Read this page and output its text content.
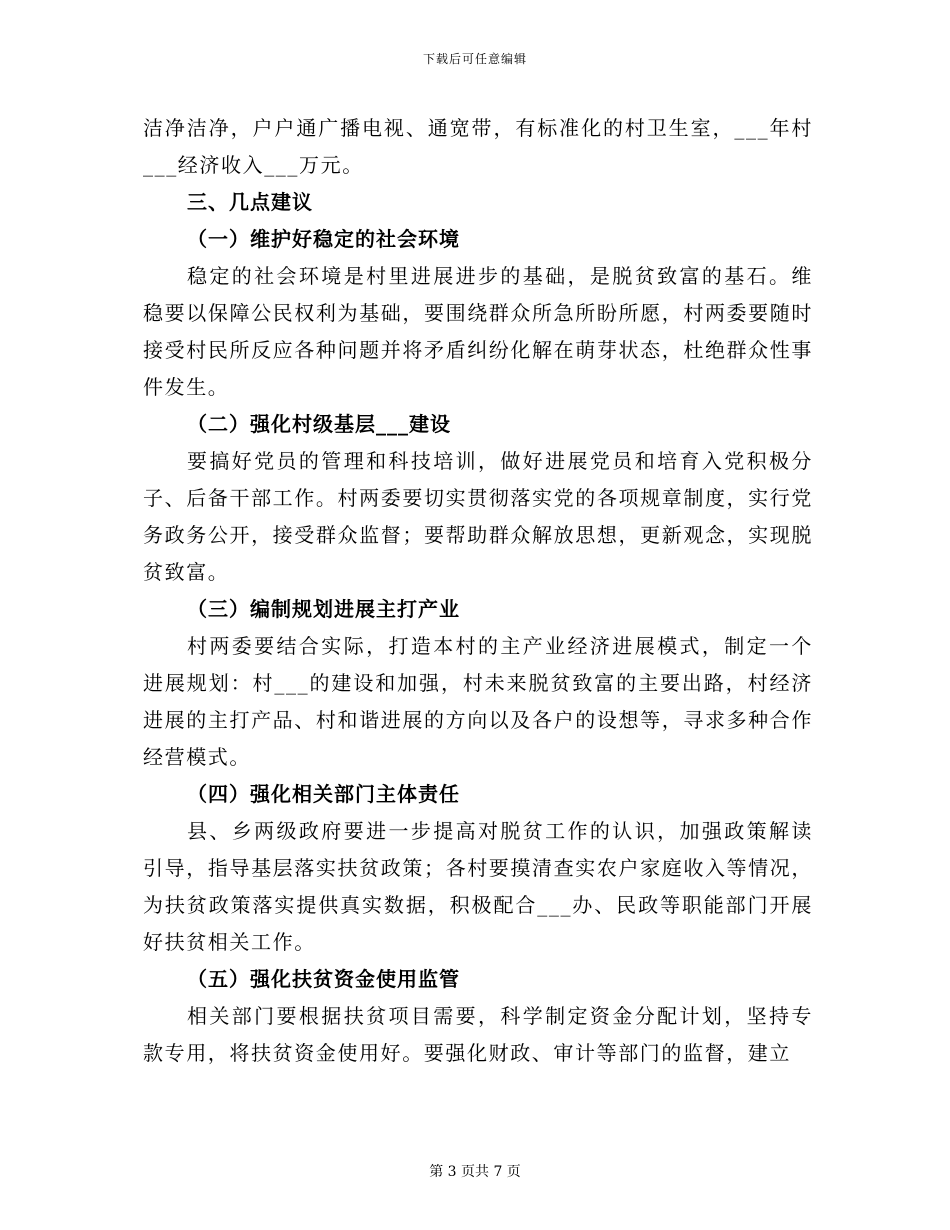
下载后可任意编辑

洁净洁净，户户通广播电视、通宽带，有标准化的村卫生室，___年村___经济收入___万元。

三、几点建议

（一）维护好稳定的社会环境

稳定的社会环境是村里进展进步的基础，是脱贫致富的基石。维稳要以保障公民权利为基础，要围绕群众所急所盼所愿，村两委要随时接受村民所反应各种问题并将矛盾纠纷化解在萌芽状态，杜绝群众性事件发生。

（二）强化村级基层___建设

要搞好党员的管理和科技培训，做好进展党员和培育入党积极分子、后备干部工作。村两委要切实贯彻落实党的各项规章制度，实行党务政务公开，接受群众监督；要帮助群众解放思想，更新观念，实现脱贫致富。

（三）编制规划进展主打产业

村两委要结合实际，打造本村的主产业经济进展模式，制定一个进展规划：村___的建设和加强，村未来脱贫致富的主要出路，村经济进展的主打产品、村和谐进展的方向以及各户的设想等，寻求多种合作经营模式。

（四）强化相关部门主体责任

县、乡两级政府要进一步提高对脱贫工作的认识，加强政策解读引导，指导基层落实扶贫政策；各村要摸清查实农户家庭收入等情况，为扶贫政策落实提供真实数据，积极配合___办、民政等职能部门开展好扶贫相关工作。

（五）强化扶贫资金使用监管

相关部门要根据扶贫项目需要，科学制定资金分配计划，坚持专款专用，将扶贫资金使用好。要强化财政、审计等部门的监督，建立

第 3 页共 7 页
